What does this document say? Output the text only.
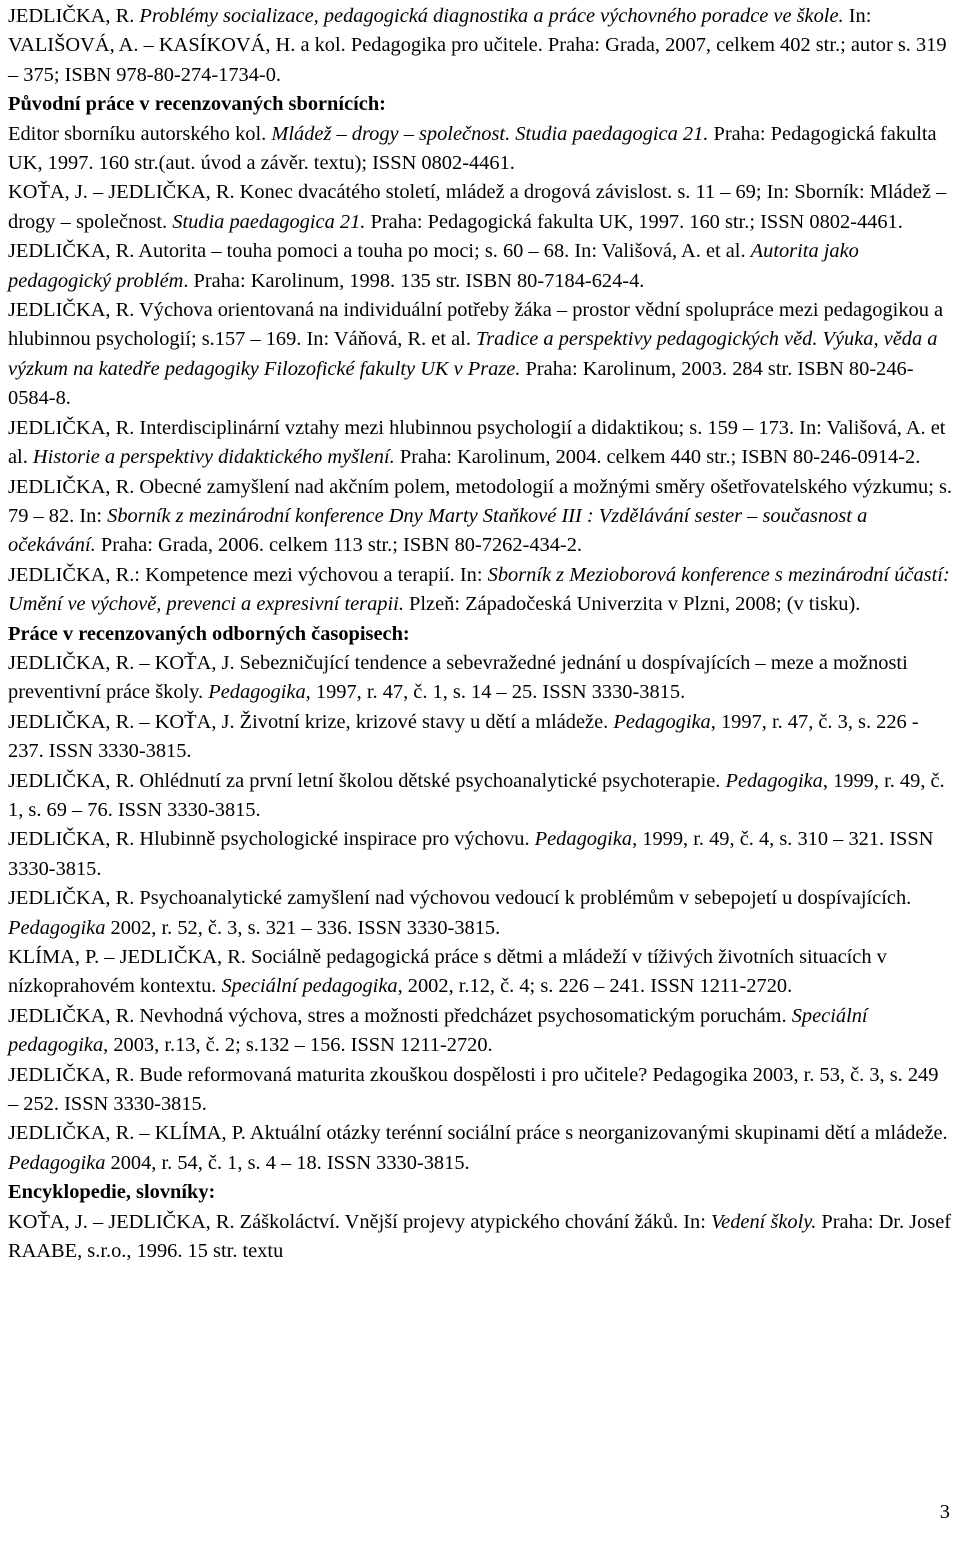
JEDLIČKA, R. Problémy socializace, pedagogická diagnostika a práce výchovného poradce ve škole. In: VALIŠOVÁ, A. – KASÍKOVÁ, H. a kol. Pedagogika pro učitele. Praha: Grada, 2007, celkem 402 str.; autor s. 319 – 375; ISBN 978-80-274-1734-0.

Původní práce v recenzovaných sbornících:

Editor sborníku autorského kol. Mládež – drogy – společnost. Studia paedagogica 21. Praha: Pedagogická fakulta UK, 1997. 160 str.(aut. úvod a závěr. textu); ISSN 0802-4461.

KOŤA, J. – JEDLIČKA, R. Konec dvacátého století, mládež a drogová závislost. s. 11 – 69; In: Sborník: Mládež – drogy – společnost. Studia paedagogica 21. Praha: Pedagogická fakulta UK, 1997. 160 str.; ISSN 0802-4461.

JEDLIČKA, R. Autorita – touha pomoci a touha po moci; s. 60 – 68. In: Vališová, A. et al. Autorita jako pedagogický problém. Praha: Karolinum, 1998. 135 str. ISBN 80-7184-624-4.

JEDLIČKA, R. Výchova orientovaná na individuální potřeby žáka – prostor vědní spolupráce mezi pedagogikou a hlubinnou psychologií; s.157 – 169. In: Váňová, R. et al. Tradice a perspektivy pedagogických věd. Výuka, věda a výzkum na katedře pedagogiky Filozofické fakulty UK v Praze. Praha: Karolinum, 2003. 284 str. ISBN 80-246-0584-8.

JEDLIČKA, R. Interdisciplinární vztahy mezi hlubinnou psychologií a didaktikou; s. 159 – 173. In: Vališová, A. et al. Historie a perspektivy didaktického myšlení. Praha: Karolinum, 2004. celkem 440 str.; ISBN 80-246-0914-2.

JEDLIČKA, R. Obecné zamyšlení nad akčním polem, metodologií a možnými směry ošetřovatelského výzkumu; s. 79 – 82. In: Sborník z mezinárodní konference Dny Marty Staňkové III : Vzdělávání sester – současnost a očekávání. Praha: Grada, 2006. celkem 113 str.; ISBN 80-7262-434-2.

JEDLIČKA, R.: Kompetence mezi výchovou a terapií. In: Sborník z Mezioborová konference s mezinárodní účastí: Umění ve výchově, prevenci a expresivní terapii. Plzeň: Západočeská Univerzita v Plzni, 2008; (v tisku).

Práce v recenzovaných odborných časopisech:

JEDLIČKA, R. – KOŤA, J. Sebezničující tendence a sebevražedné jednání u dospívajících – meze a možnosti preventivní práce školy. Pedagogika, 1997, r. 47, č. 1, s. 14 – 25. ISSN 3330-3815.

JEDLIČKA, R. – KOŤA, J. Životní krize, krizové stavy u dětí a mládeže. Pedagogika, 1997, r. 47, č. 3, s. 226 - 237. ISSN 3330-3815.

JEDLIČKA, R. Ohlédnutí za první letní školou dětské psychoanalytické psychoterapie. Pedagogika, 1999, r. 49, č. 1, s. 69 – 76. ISSN 3330-3815.

JEDLIČKA, R. Hlubinně psychologické inspirace pro výchovu. Pedagogika, 1999, r. 49, č. 4, s. 310 – 321. ISSN 3330-3815.

JEDLIČKA, R. Psychoanalytické zamyšlení nad výchovou vedoucí k problémům v sebepojetí u dospívajících. Pedagogika 2002, r. 52, č. 3, s. 321 – 336. ISSN 3330-3815.

KLÍMA, P. – JEDLIČKA, R. Sociálně pedagogická práce s dětmi a mládeží v tíživých životních situacích v nízkoprahovém kontextu. Speciální pedagogika, 2002, r.12, č. 4; s. 226 – 241. ISSN 1211-2720.

JEDLIČKA, R. Nevhodná výchova, stres a možnosti předcházet psychosomatickým poruchám. Speciální pedagogika, 2003, r.13, č. 2; s.132 – 156. ISSN 1211-2720.

JEDLIČKA, R. Bude reformovaná maturita zkouškou dospělosti i pro učitele? Pedagogika 2003, r. 53, č. 3, s. 249 – 252. ISSN 3330-3815.

JEDLIČKA, R. – KLÍMA, P. Aktuální otázky terénní sociální práce s neorganizovanými skupinami dětí a mládeže. Pedagogika 2004, r. 54, č. 1, s. 4 – 18. ISSN 3330-3815.

Encyklopedie, slovníky:

KOŤA, J. – JEDLIČKA, R. Záškoláctví. Vnější projevy atypického chování žáků. In: Vedení školy. Praha: Dr. Josef RAABE, s.r.o., 1996. 15 str. textu

3
